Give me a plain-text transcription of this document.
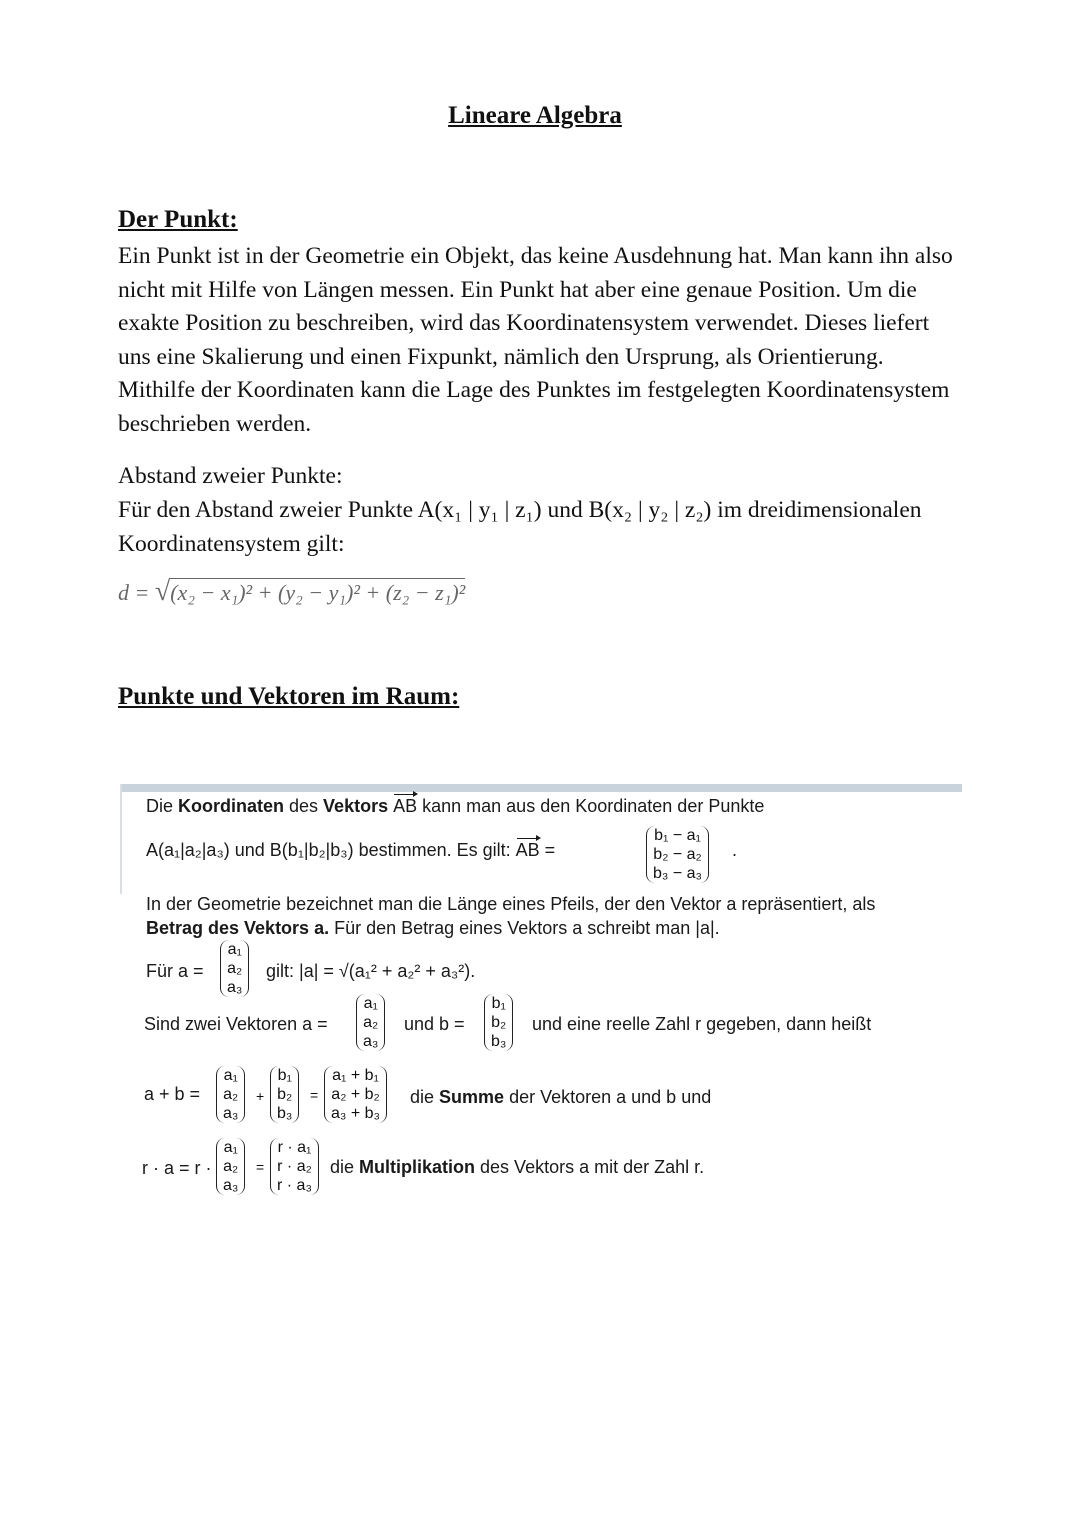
Lineare Algebra
Der Punkt:
Ein Punkt ist in der Geometrie ein Objekt, das keine Ausdehnung hat. Man kann ihn also nicht mit Hilfe von Längen messen. Ein Punkt hat aber eine genaue Position. Um die exakte Position zu beschreiben, wird das Koordinatensystem verwendet. Dieses liefert uns eine Skalierung und einen Fixpunkt, nämlich den Ursprung, als Orientierung. Mithilfe der Koordinaten kann die Lage des Punktes im festgelegten Koordinatensystem beschrieben werden.
Abstand zweier Punkte:
Für den Abstand zweier Punkte A(x₁ | y₁ | z₁) und B(x₂ | y₂ | z₂) im dreidimensionalen Koordinatensystem gilt:
d = √(x₂ − x₁)² + (y₂ − y₁)² + (z₂ − z₁)²
Punkte und Vektoren im Raum:
Die Koordinaten des Vektors AB kann man aus den Koordinaten der Punkte
A(a₁|a₂|a₃) und B(b₁|b₂|b₃) bestimmen. Es gilt: AB =
b₁ − a₁
b₂ − a₂
b₃ − a₃
.
In der Geometrie bezeichnet man die Länge eines Pfeils, der den Vektor a repräsentiert, als
Betrag des Vektors a. Für den Betrag eines Vektors a schreibt man |a|.
Für a =
a₁
a₂
a₃
gilt: |a| = √(a₁² + a₂² + a₃²).
Sind zwei Vektoren a =
a₁
a₂
a₃
und b =
b₁
b₂
b₃
und eine reelle Zahl r gegeben, dann heißt
a + b =
a₁
a₂
a₃
+
b₁
b₂
b₃
=
a₁ + b₁
a₂ + b₂
a₃ + b₃
die Summe der Vektoren a und b und
r · a = r ·
a₁
a₂
a₃
=
r · a₁
r · a₂
r · a₃
die Multiplikation des Vektors a mit der Zahl r.
